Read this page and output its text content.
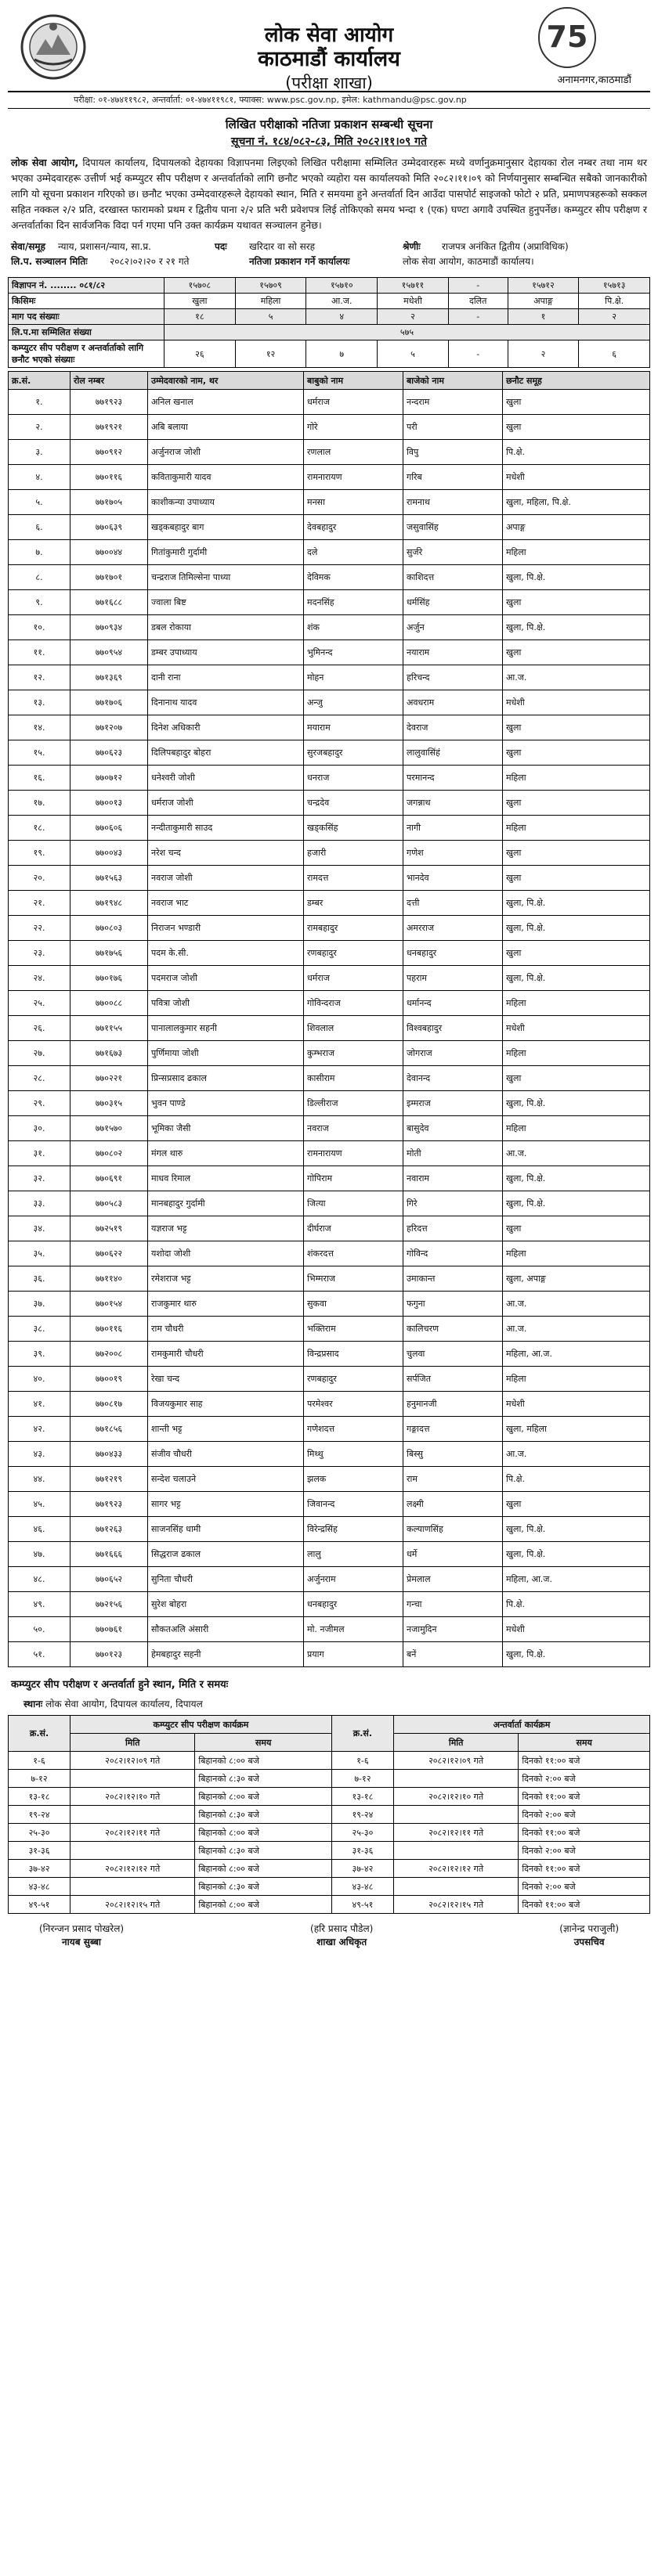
लोक सेवा आयोग
काठमाडौं कार्यालय
(परीक्षा शाखा)
75
अनामनगर,काठमाडौं
परीक्षा: ०१-४७४११९८२, अन्तर्वार्ता: ०१-४७४११९८१, फ्याक्स: www.psc.gov.np, इमेल: kathmandu@psc.gov.np
लिखित परीक्षाको नतिजा प्रकाशन सम्बन्धी सूचना
सूचना नं. १८४/०८२-८३, मिति २०८२।११।०९ गते
लोक सेवा आयोग, दिपायल कार्यालय, दिपायलको देहायका विज्ञापनमा लिइएको लिखित परीक्षामा सम्मिलित उम्मेदवारहरू मध्ये वर्णानुक्रमानुसार देहायका रोल नम्बर तथा नाम थर भएका उम्मेदवारहरू उत्तीर्ण भई कम्प्युटर सीप परीक्षण र अन्तर्वार्ताको लागि छनौट भएको व्यहोरा यस कार्यालयको मिति २०८२।११।०९ को निर्णयानुसार सम्बन्धित सबैको जानकारीको लागि यो सूचना प्रकाशन गरिएको छ। छनौट भएका उम्मेदवारहरूले देहायको स्थान, मिति र समयमा हुने अन्तर्वार्ता दिन आउँदा पासपोर्ट साइजको फोटो २ प्रति, प्रमाणपत्रहरूको सक्कल सहित नक्कल २/२ प्रति, दरखास्त फारामको प्रथम र द्वितीय पाना २/२ प्रति भरी प्रवेशपत्र लिई तोकिएको समय भन्दा १ (एक) घण्टा अगावै उपस्थित हुनुपर्नेछ। कम्प्युटर सीप परीक्षण र अन्तर्वार्ताका दिन सार्वजनिक विदा पर्न गएमा पनि उक्त कार्यक्रम यथावत सञ्चालन हुनेछ।
सेवा/समूह	न्याय, प्रशासन/न्याय, सा.प्र.	पदः	खरिदार वा सो सरह	श्रेणीः	राजपत्र अनंकित द्वितीय (अप्राविधिक)
लि.प. सञ्चालन मितिः	२०८२।०२।२० र २१ गते	नतिजा प्रकाशन गर्ने कार्यालयः	लोक सेवा आयोग, काठमाडौं कार्यालय।
विज्ञापन नं. ........ ०८१/८२	१५७०८	१५७०९	१५७१०	१५७११	-	१५७१२	१५७१३
किसिमः	खुला	महिला	आ.ज.	मधेशी	दलित	अपाङ्ग	पि.क्षे.
माग पद संख्याः	१८	५	४	२	-	१	२
लि.प.मा सम्मिलित संख्या	५७५						
कम्प्युटर सीप परीक्षण र अन्तर्वार्ताको लागि छनौट भएको संख्याः	२६	१२	७	५	-	२	६
क्र.सं.	रोल नम्बर	उम्मेदवारको नाम, थर	बाबुको नाम	बाजेको नाम	छनौट समूह
१.	७७१९२३	अनिल खनाल	धर्मराज	नन्दराम	खुला
२.	७७१९२१	अबि बलाया	गोरे	परी	खुला
३.	७७०९१२	अर्जुनराज जोशी	रणलाल	विपु	पि.क्षे.
४.	७७०११६	कविताकुमारी यादव	रामनारायण	गरिब	मधेशी
५.	७७१७०५	काशीकन्या उपाध्याय	मनसा	रामनाथ	खुला, महिला, पि.क्षे.
६.	७७०६३९	खड्कबहादुर बाग	देवबहादुर	जसुवासिंह	अपाङ्ग
७.	७७००४४	गितांकुमारी गुर्दामी	दले	सुर्जरे	महिला
८.	७७१७०१	चन्द्रराज तिमिल्सेना पाध्या	देविमक	काशिदत्त	खुला, पि.क्षे.
९.	७७१६८८	ज्वाला बिष्ट	मदनसिंह	धर्मसिंह	खुला
१०.	७७०९३४	डबल रोकाया	शंक	अर्जुन	खुला, पि.क्षे.
११.	७७०९५४	डम्बर उपाध्याय	भुमिनन्द	नयाराम	खुला
१२.	७७१३६९	दानी राना	मोहन	हरिचन्द	आ.ज.
१३.	७७१७०६	दिनानाथ यादव	अन्जु	अवधराम	मधेशी
१४.	७७१२०७	दिनेश अधिकारी	मयाराम	देवराज	खुला
१५.	७७०६२३	दिलिपबहादुर बोहरा	सुरजबहादुर	लालुवासिंहं	खुला
१६.	७७०७१२	धनेश्वरी जोशी	धनराज	परमानन्द	महिला
१७.	७७००१३	धर्मराज जोशी	चन्द्रदेव	जगन्नाथ	खुला
१८.	७७०६०६	नन्दीताकुमारी साउद	खड्कसिंह	नागी	महिला
१९.	७७००४३	नरेश चन्द	हजारी	गणेश	खुला
२०.	७७१५६३	नवराज जोशी	रामदत्त	भानदेव	खुला
२१.	७७१९४८	नवराज भाट	डम्बर	दत्ती	खुला, पि.क्षे.
२२.	७७०८०३	निराजन भण्डारी	रामबहादुर	अमरराज	खुला, पि.क्षे.
२३.	७७१७५६	पदम के.सी.	रणबहादुर	धनबहादुर	खुला
२४.	७७०१७६	पदमराज जोशी	धर्मराज	पहराम	खुला, पि.क्षे.
२५.	७७००८८	पवित्रा जोशी	गोविन्दराज	धर्मानन्द	महिला
२६.	७७११५५	पानालालकुमार सहनी	शिवलाल	विश्वबहादुर	मधेशी
२७.	७७१६७३	पुर्णिमाया जोशी	कुम्भराज	जोगराज	महिला
२८.	७७०२२१	प्रिन्सप्रसाद ढकाल	कासीराम	देवानन्द	खुला
२९.	७७०३१५	भुवन पाण्डे	डिल्लीराज	इम्मराज	खुला, पि.क्षे.
३०.	७७१५७०	भूमिका जैसी	नवराज	बासुदेव	महिला
३१.	७७०८०२	मंगल थारु	रामनारायण	मोती	आ.ज.
३२.	७७०६९१	माधव रिमाल	गोपिराम	नवाराम	खुला, पि.क्षे.
३३.	७७०५८३	मानबहादुर गुर्दामी	जित्या	गिरे	खुला, पि.क्षे.
३४.	७७२५१९	यज्ञराज भट्ट	दीर्घराज	हरिदत्त	खुला
३५.	७७०६२२	यशोदा जोशी	शंकरदत्त	गोविन्द	महिला
३६.	७७११४०	रमेशराज भट्ट	भिम्मराज	उमाकान्त	खुला, अपाङ्ग
३७.	७७०१५४	राजकुमार थारु	सुकवा	फगुना	आ.ज.
३८.	७७०११६	राम चौधरी	भक्तिराम	कालिचरण	आ.ज.
३९.	७७२००८	रामकुमारी चौधरी	विन्द्रप्रसाद	चुलवा	महिला, आ.ज.
४०.	७७००१९	रेखा चन्द	रणबहादुर	सर्पजित	महिला
४१.	७७०८१७	विजयकुमार साह	परमेश्वर	हनुमानजी	मधेशी
४२.	७७१८५६	शान्ती भट्ट	गणेशदत्त	गङ्गादत्त	खुला, महिला
४३.	७७०४३३	संजीव चौधरी	मिथ्थु	बिस्सु	आ.ज.
४४.	७७१२१९	सन्देश चलाउने	झलक	राम	पि.क्षे.
४५.	७७१९२३	सागर भट्ट	जिवानन्द	लक्ष्मी	खुला
४६.	७७१२६३	साजनसिंह धामी	विरेन्द्रसिंह	कल्याणसिंह	खुला, पि.क्षे.
४७.	७७१६६६	सिद्धराज ढकाल	लालु	धर्मे	खुला, पि.क्षे.
४८.	७७०६५२	सुनिता चौधरी	अर्जुनराम	प्रेमलाल	महिला, आ.ज.
४९.	७७२१५६	सुरेश बोहरा	धनबहादुर	गन्चा	पि.क्षे.
५०.	७७०७६१	सौकतअलि अंसारी	मो. नजीमल	नजामुदिन	मधेशी
५१.	७७०१२३	हेमबहादुर सहनी	प्रयाग	बनें	खुला, पि.क्षे.
कम्प्युटर सीप परीक्षण र अन्तर्वार्ता हुने स्थान, मिति र समयः
स्थानः लोक सेवा आयोग, दिपायल कार्यालय, दिपायल
क्र.सं.	कम्प्युटर सीप परीक्षण कार्यक्रम		क्र.सं.	अन्तर्वार्ता कार्यक्रम	
	मिति	समय		मिति	समय
१-६	२०८२।१२।०९ गते	बिहानको ८:०० बजे	१-६	२०८२।१२।०९ गते	दिनको ११:०० बजे
७-१२		बिहानको ८:३० बजे	७-१२		दिनको २:०० बजे
१३-१८	२०८२।१२।१० गते	बिहानको ८:०० बजे	१३-१८	२०८२।१२।१० गते	दिनको ११:०० बजे
१९-२४		बिहानको ८:३० बजे	१९-२४		दिनको २:०० बजे
२५-३०	२०८२।१२।११ गते	बिहानको ८:०० बजे	२५-३०	२०८२।१२।११ गते	दिनको ११:०० बजे
३१-३६		बिहानको ८:३० बजे	३१-३६		दिनको २:०० बजे
३७-४२	२०८२।१२।१२ गते	बिहानको ८:०० बजे	३७-४२	२०८२।१२।१२ गते	दिनको ११:०० बजे
४३-४८		बिहानको ८:३० बजे	४३-४८		दिनको २:०० बजे
४९-५१	२०८२।१२।१५ गते	बिहानको ८:०० बजे	४९-५१	२०८२।१२।१५ गते	दिनको ११:०० बजे
(निरन्जन प्रसाद पोखरेल)
नायब सुब्बा
(हरि प्रसाद पौडेल)
शाखा अधिकृत
(ज्ञानेन्द्र पराजुली)
उपसचिव
